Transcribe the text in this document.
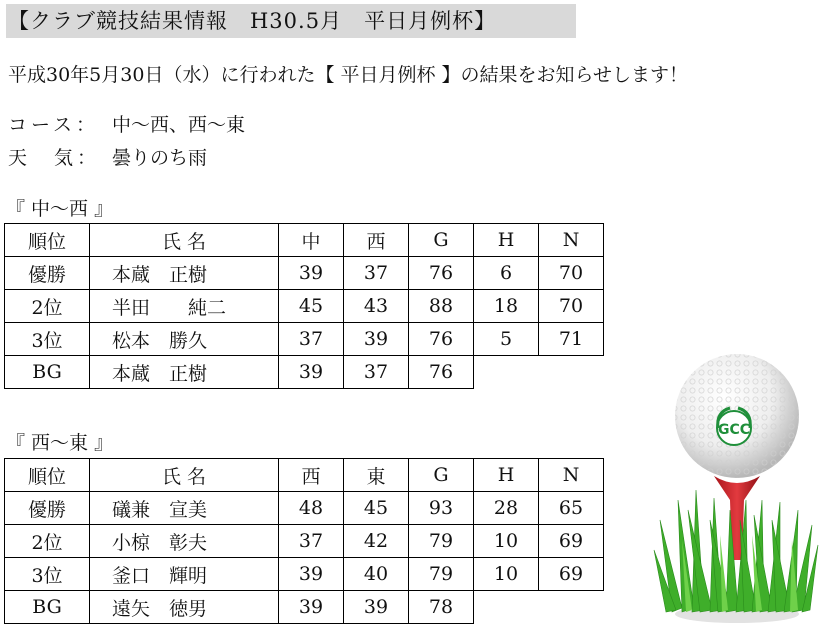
【クラブ競技結果情報　H30.5月　平日月例杯】
平成30年5月30日（水）に行われた【 平日月例杯 】の結果をお知らせします！
コース： 中～西、西～東
天　気： 曇りのち雨
『 中～西 』
順位	氏 名	中	西	G	H	N
優勝	本蔵　正樹	39	37	76	6	70
2位	半田　　純二	45	43	88	18	70
3位	松本　勝久	37	39	76	5	71
BG	本蔵　正樹	39	37	76		
『 西～東 』
順位	氏 名	西	東	G	H	N
優勝	礒兼　宣美	48	45	93	28	65
2位	小椋　彰夫	37	42	79	10	69
3位	釜口　輝明	39	40	79	10	69
BG	遠矢　徳男	39	39	78		
GCC
